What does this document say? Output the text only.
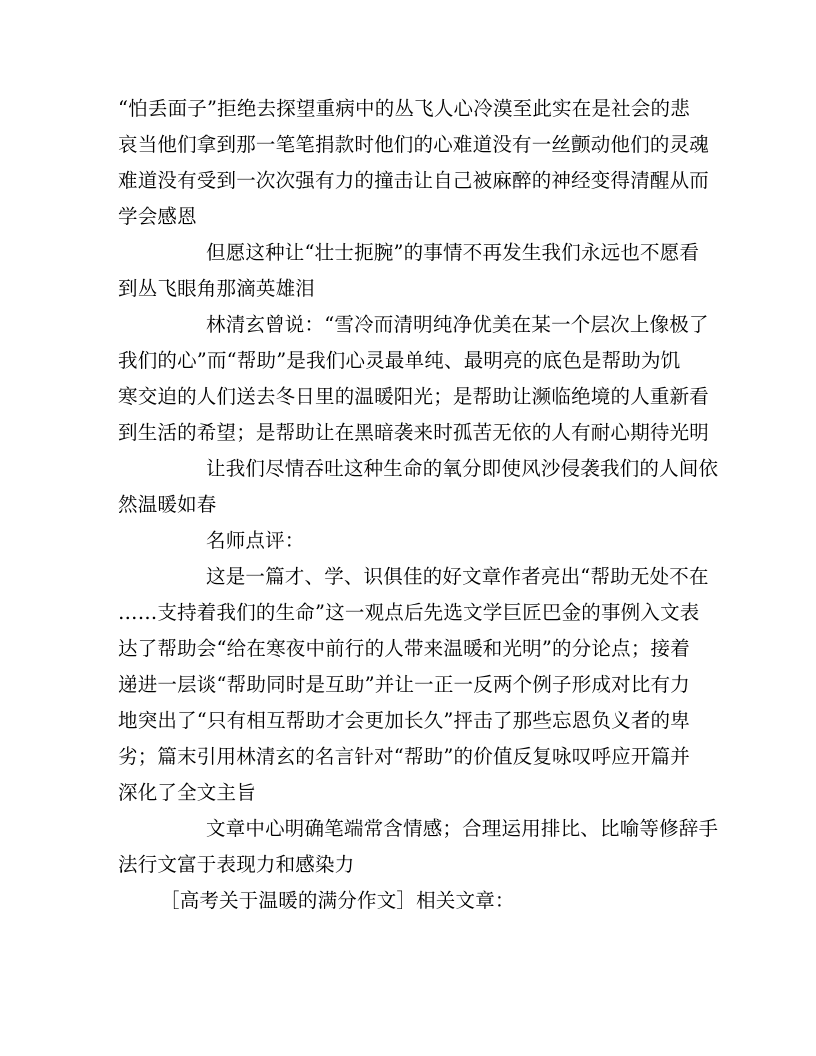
“怕丢面子”拒绝去探望重病中的丛飞人心冷漠至此实在是社会的悲
哀当他们拿到那一笔笔捐款时他们的心难道没有一丝颤动他们的灵魂
难道没有受到一次次强有力的撞击让自己被麻醉的神经变得清醒从而
学会感恩
但愿这种让“壮士扼腕”的事情不再发生我们永远也不愿看
到丛飞眼角那滴英雄泪
林清玄曾说：“雪冷而清明纯净优美在某一个层次上像极了
我们的心”而“帮助”是我们心灵最单纯、最明亮的底色是帮助为饥
寒交迫的人们送去冬日里的温暖阳光；是帮助让濒临绝境的人重新看
到生活的希望；是帮助让在黑暗袭来时孤苦无依的人有耐心期待光明
让我们尽情吞吐这种生命的氧分即使风沙侵袭我们的人间依
然温暖如春
名师点评：
这是一篇才、学、识俱佳的好文章作者亮出“帮助无处不在
……支持着我们的生命”这一观点后先选文学巨匠巴金的事例入文表
达了帮助会“给在寒夜中前行的人带来温暖和光明”的分论点；接着
递进一层谈“帮助同时是互助”并让一正一反两个例子形成对比有力
地突出了“只有相互帮助才会更加长久”抨击了那些忘恩负义者的卑
劣；篇末引用林清玄的名言针对“帮助”的价值反复咏叹呼应开篇并
深化了全文主旨
文章中心明确笔端常含情感；合理运用排比、比喻等修辞手
法行文富于表现力和感染力
［高考关于温暖的满分作文］相关文章：
